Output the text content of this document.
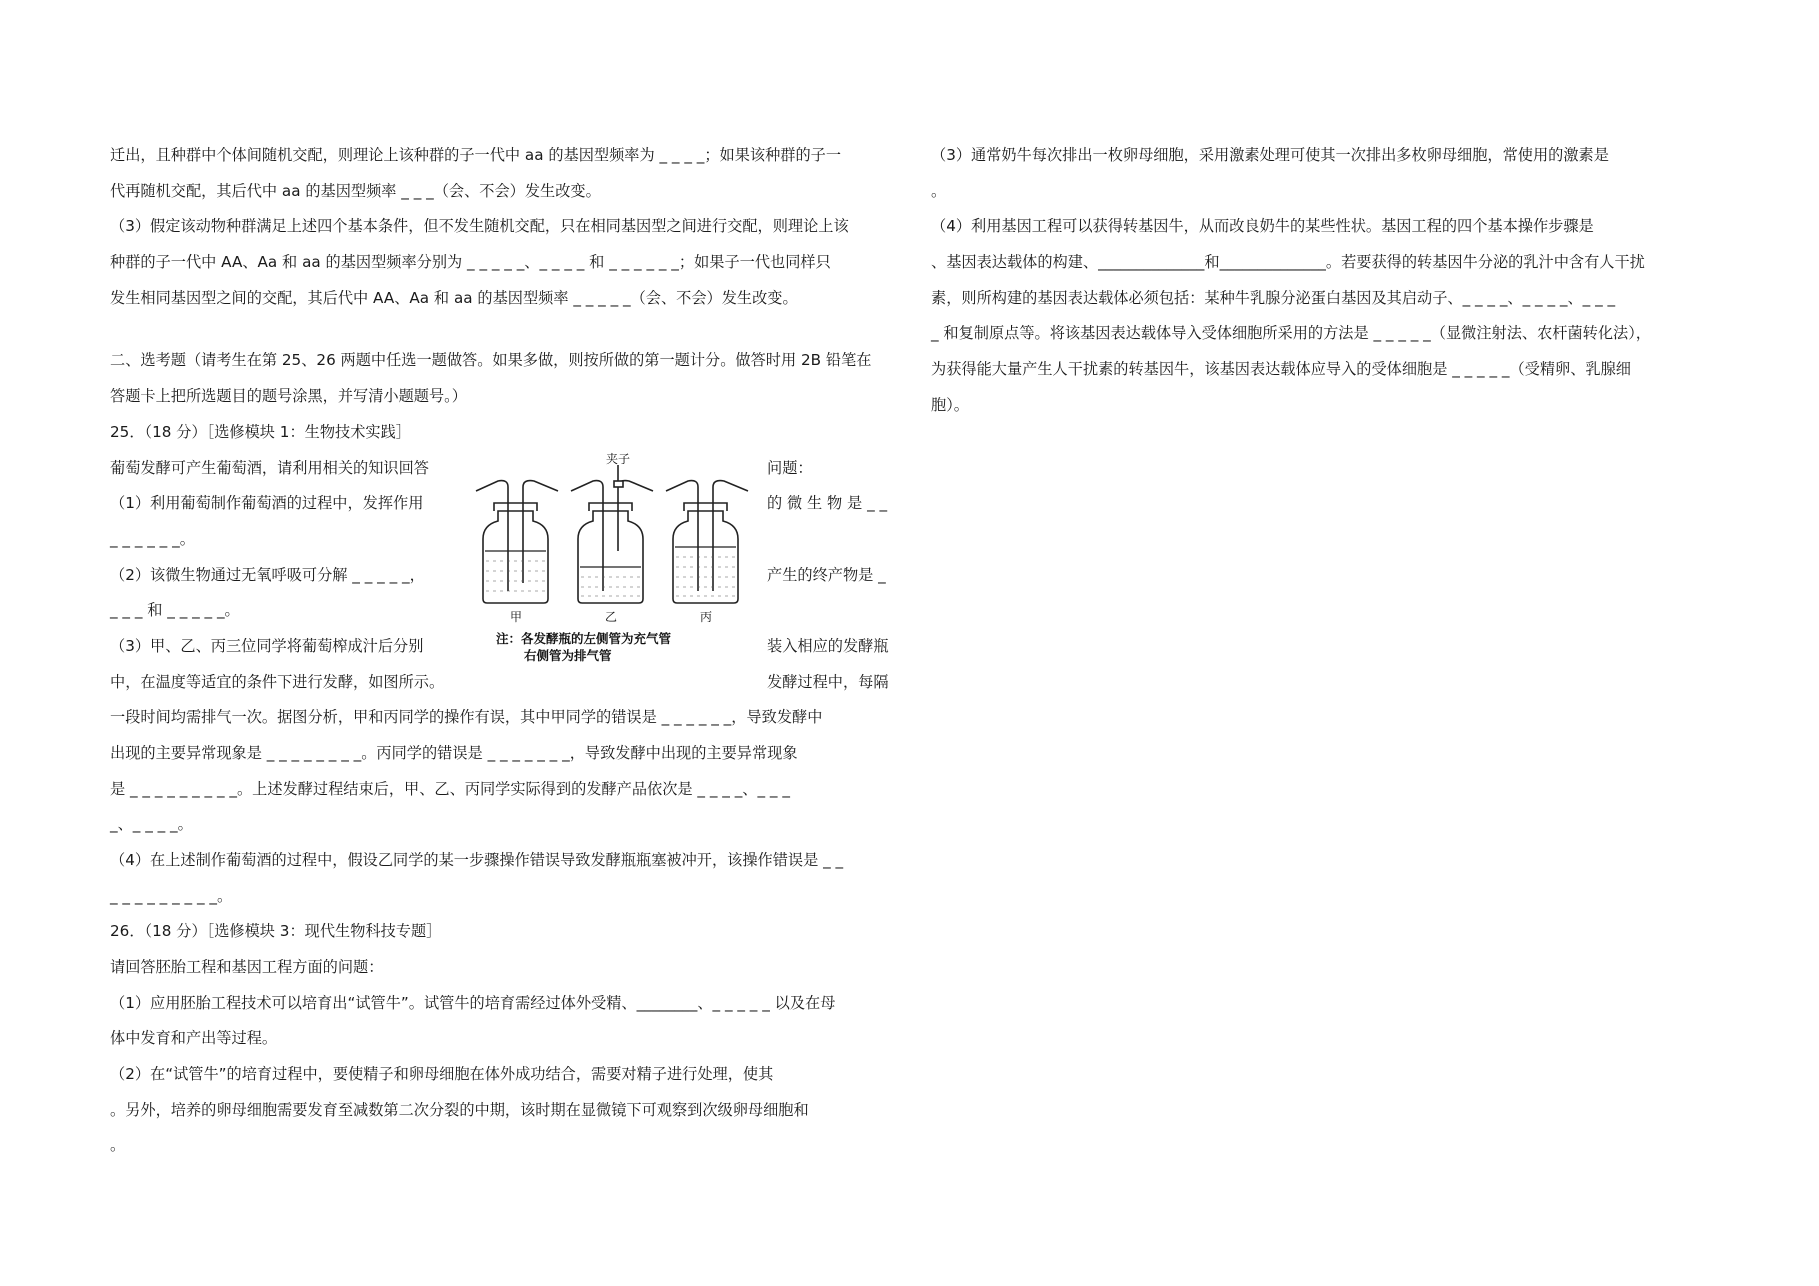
迁出，且种群中个体间随机交配，则理论上该种群的子一代中 aa 的基因型频率为 _ _ _ _；如果该种群的子一
代再随机交配，其后代中 aa 的基因型频率 _ _ _（会、不会）发生改变。
（3）假定该动物种群满足上述四个基本条件，但不发生随机交配，只在相同基因型之间进行交配，则理论上该
种群的子一代中 AA、Aa 和 aa 的基因型频率分别为 _ _ _ _ _、_ _ _ _ 和 _ _ _ _ _ _；如果子一代也同样只
发生相同基因型之间的交配，其后代中 AA、Aa 和 aa 的基因型频率 _ _ _ _ _（会、不会）发生改变。
二、选考题（请考生在第 25、26 两题中任选一题做答。如果多做，则按所做的第一题计分。做答时用 2B 铅笔在
答题卡上把所选题目的题号涂黑，并写清小题题号。）
25．（18 分）［选修模块 1：生物技术实践］
葡萄发酵可产生葡萄酒，请利用相关的知识回答
（1）利用葡萄制作葡萄酒的过程中，发挥作用
_ _ _ _ _ _。
（2）该微生物通过无氧呼吸可分解 _ _ _ _ _，
_ _ _ 和 _ _ _ _ _。
（3）甲、乙、丙三位同学将葡萄榨成汁后分别
夹子
甲	乙	丙
注：各发酵瓶的左侧管为充气管
右侧管为排气管
问题：
的 微 生 物 是 _ _
产生的终产物是 _
装入相应的发酵瓶
中，在温度等适宜的条件下进行发酵，如图所示。	发酵过程中，每隔
一段时间均需排气一次。据图分析，甲和丙同学的操作有误，其中甲同学的错误是 _ _ _ _ _ _，导致发酵中
出现的主要异常现象是 _ _ _ _ _ _ _ _。丙同学的错误是 _ _ _ _ _ _ _，导致发酵中出现的主要异常现象
是 _ _ _ _ _ _ _ _ _。上述发酵过程结束后，甲、乙、丙同学实际得到的发酵产品依次是 _ _ _ _、_ _ _
_、_ _ _ _。
（4）在上述制作葡萄酒的过程中，假设乙同学的某一步骤操作错误导致发酵瓶瓶塞被冲开，该操作错误是 _ _
_ _ _ _ _ _ _ _ _。
26．（18 分）［选修模块 3：现代生物科技专题］
请回答胚胎工程和基因工程方面的问题：
（1）应用胚胎工程技术可以培育出“试管牛”。试管牛的培育需经过体外受精、________、_ _ _ _ _ 以及在母
体中发育和产出等过程。
（2）在“试管牛”的培育过程中，要使精子和卵母细胞在体外成功结合，需要对精子进行处理，使其
。另外，培养的卵母细胞需要发育至减数第二次分裂的中期，该时期在显微镜下可观察到次级卵母细胞和
。
（3）通常奶牛每次排出一枚卵母细胞，采用激素处理可使其一次排出多枚卵母细胞，常使用的激素是
。
（4）利用基因工程可以获得转基因牛，从而改良奶牛的某些性状。基因工程的四个基本操作步骤是
、基因表达载体的构建、______________和______________。若要获得的转基因牛分泌的乳汁中含有人干扰
素，则所构建的基因表达载体必须包括：某种牛乳腺分泌蛋白基因及其启动子、_ _ _ _、_ _ _ _、_ _ _
_ 和复制原点等。将该基因表达载体导入受体细胞所采用的方法是 _ _ _ _ _（显微注射法、农杆菌转化法），
为获得能大量产生人干扰素的转基因牛，该基因表达载体应导入的受体细胞是 _ _ _ _ _（受精卵、乳腺细
胞）。
